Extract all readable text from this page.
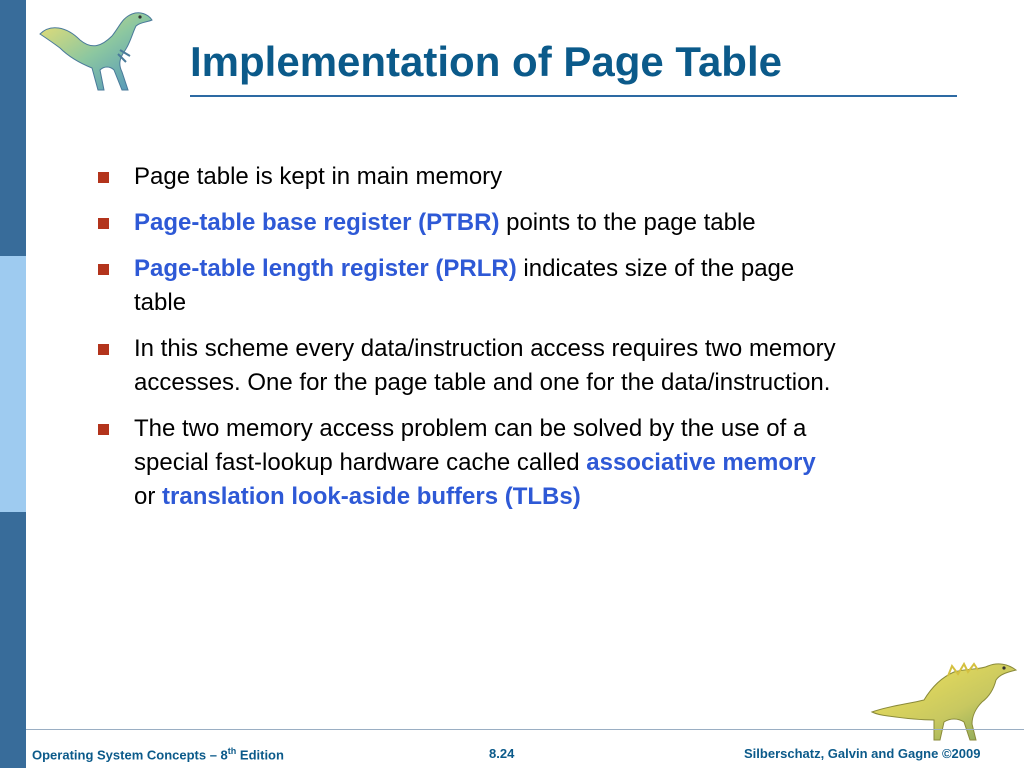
Implementation of Page Table
Page table is kept in main memory
Page-table base register (PTBR) points to the page table
Page-table length register (PRLR) indicates size of the page table
In this scheme every data/instruction access requires two memory accesses. One for the page table and one for the data/instruction.
The two memory access problem can be solved by the use of a special fast-lookup hardware cache called associative memory or translation look-aside buffers (TLBs)
Operating System Concepts – 8th Edition	8.24	Silberschatz, Galvin and Gagne ©2009
